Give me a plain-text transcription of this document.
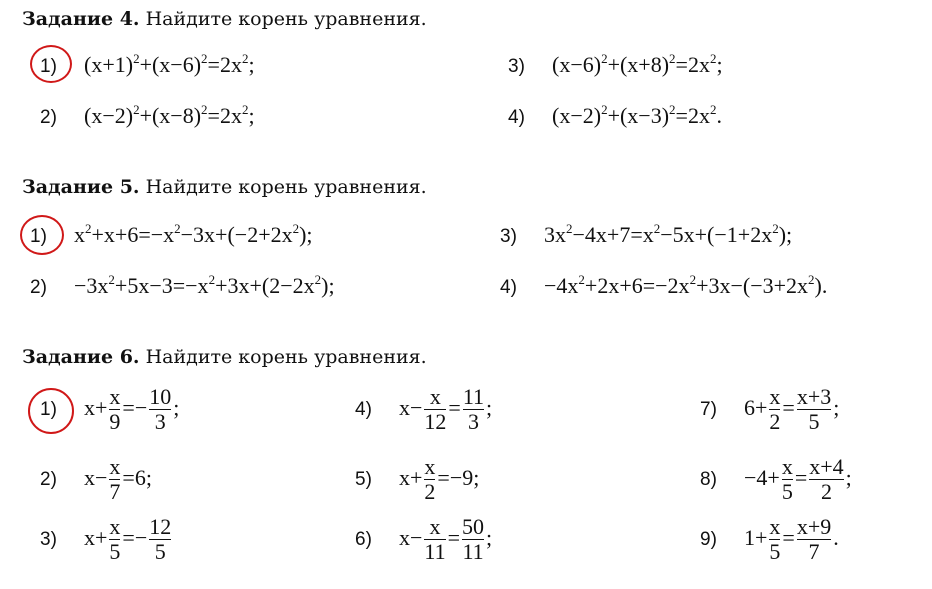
Задание 4. Найдите корень уравнения.
1) $(x+1)^2+(x-6)^2=2x^2$;
2) $(x-2)^2+(x-8)^2=2x^2$;
3) $(x-6)^2+(x+8)^2=2x^2$;
4) $(x-2)^2+(x-3)^2=2x^2$.
Задание 5. Найдите корень уравнения.
1) $x^2+x+6=-x^2-3x+(-2+2x^2)$;
$2) -3x^2+5x-3=-x^2+3x+(2-2x^2)$;
3) $3x^2-4x+7=x^2-5x+(-1+2x^2)$;
$4) -4x^2+2x+6=-2x^2+3x-(-3+2x^2)$.
Задание 6. Найдите корень уравнения.
1) $x+ \frac{x}{9} =- \frac{10}{3}$ ;
2) $x- \frac{x}{7} =6$;
3) $x+ \frac{x}{5} =- \frac{12}{5}$
4) $x- \frac{x}{12} = \frac{11}{3}$ ;
5) $x+ \frac{x}{2} =-9$;
6) $x- \frac{x}{11} = \frac{50}{11}$ ;
7) $6+ \frac{x}{2} = \frac{x+3}{5}$ ;
$8) -4+ \frac{x}{5} = \frac{x+4}{2}$ ;
9) $1+ \frac{x}{5} = \frac{x+9}{7}$ .
